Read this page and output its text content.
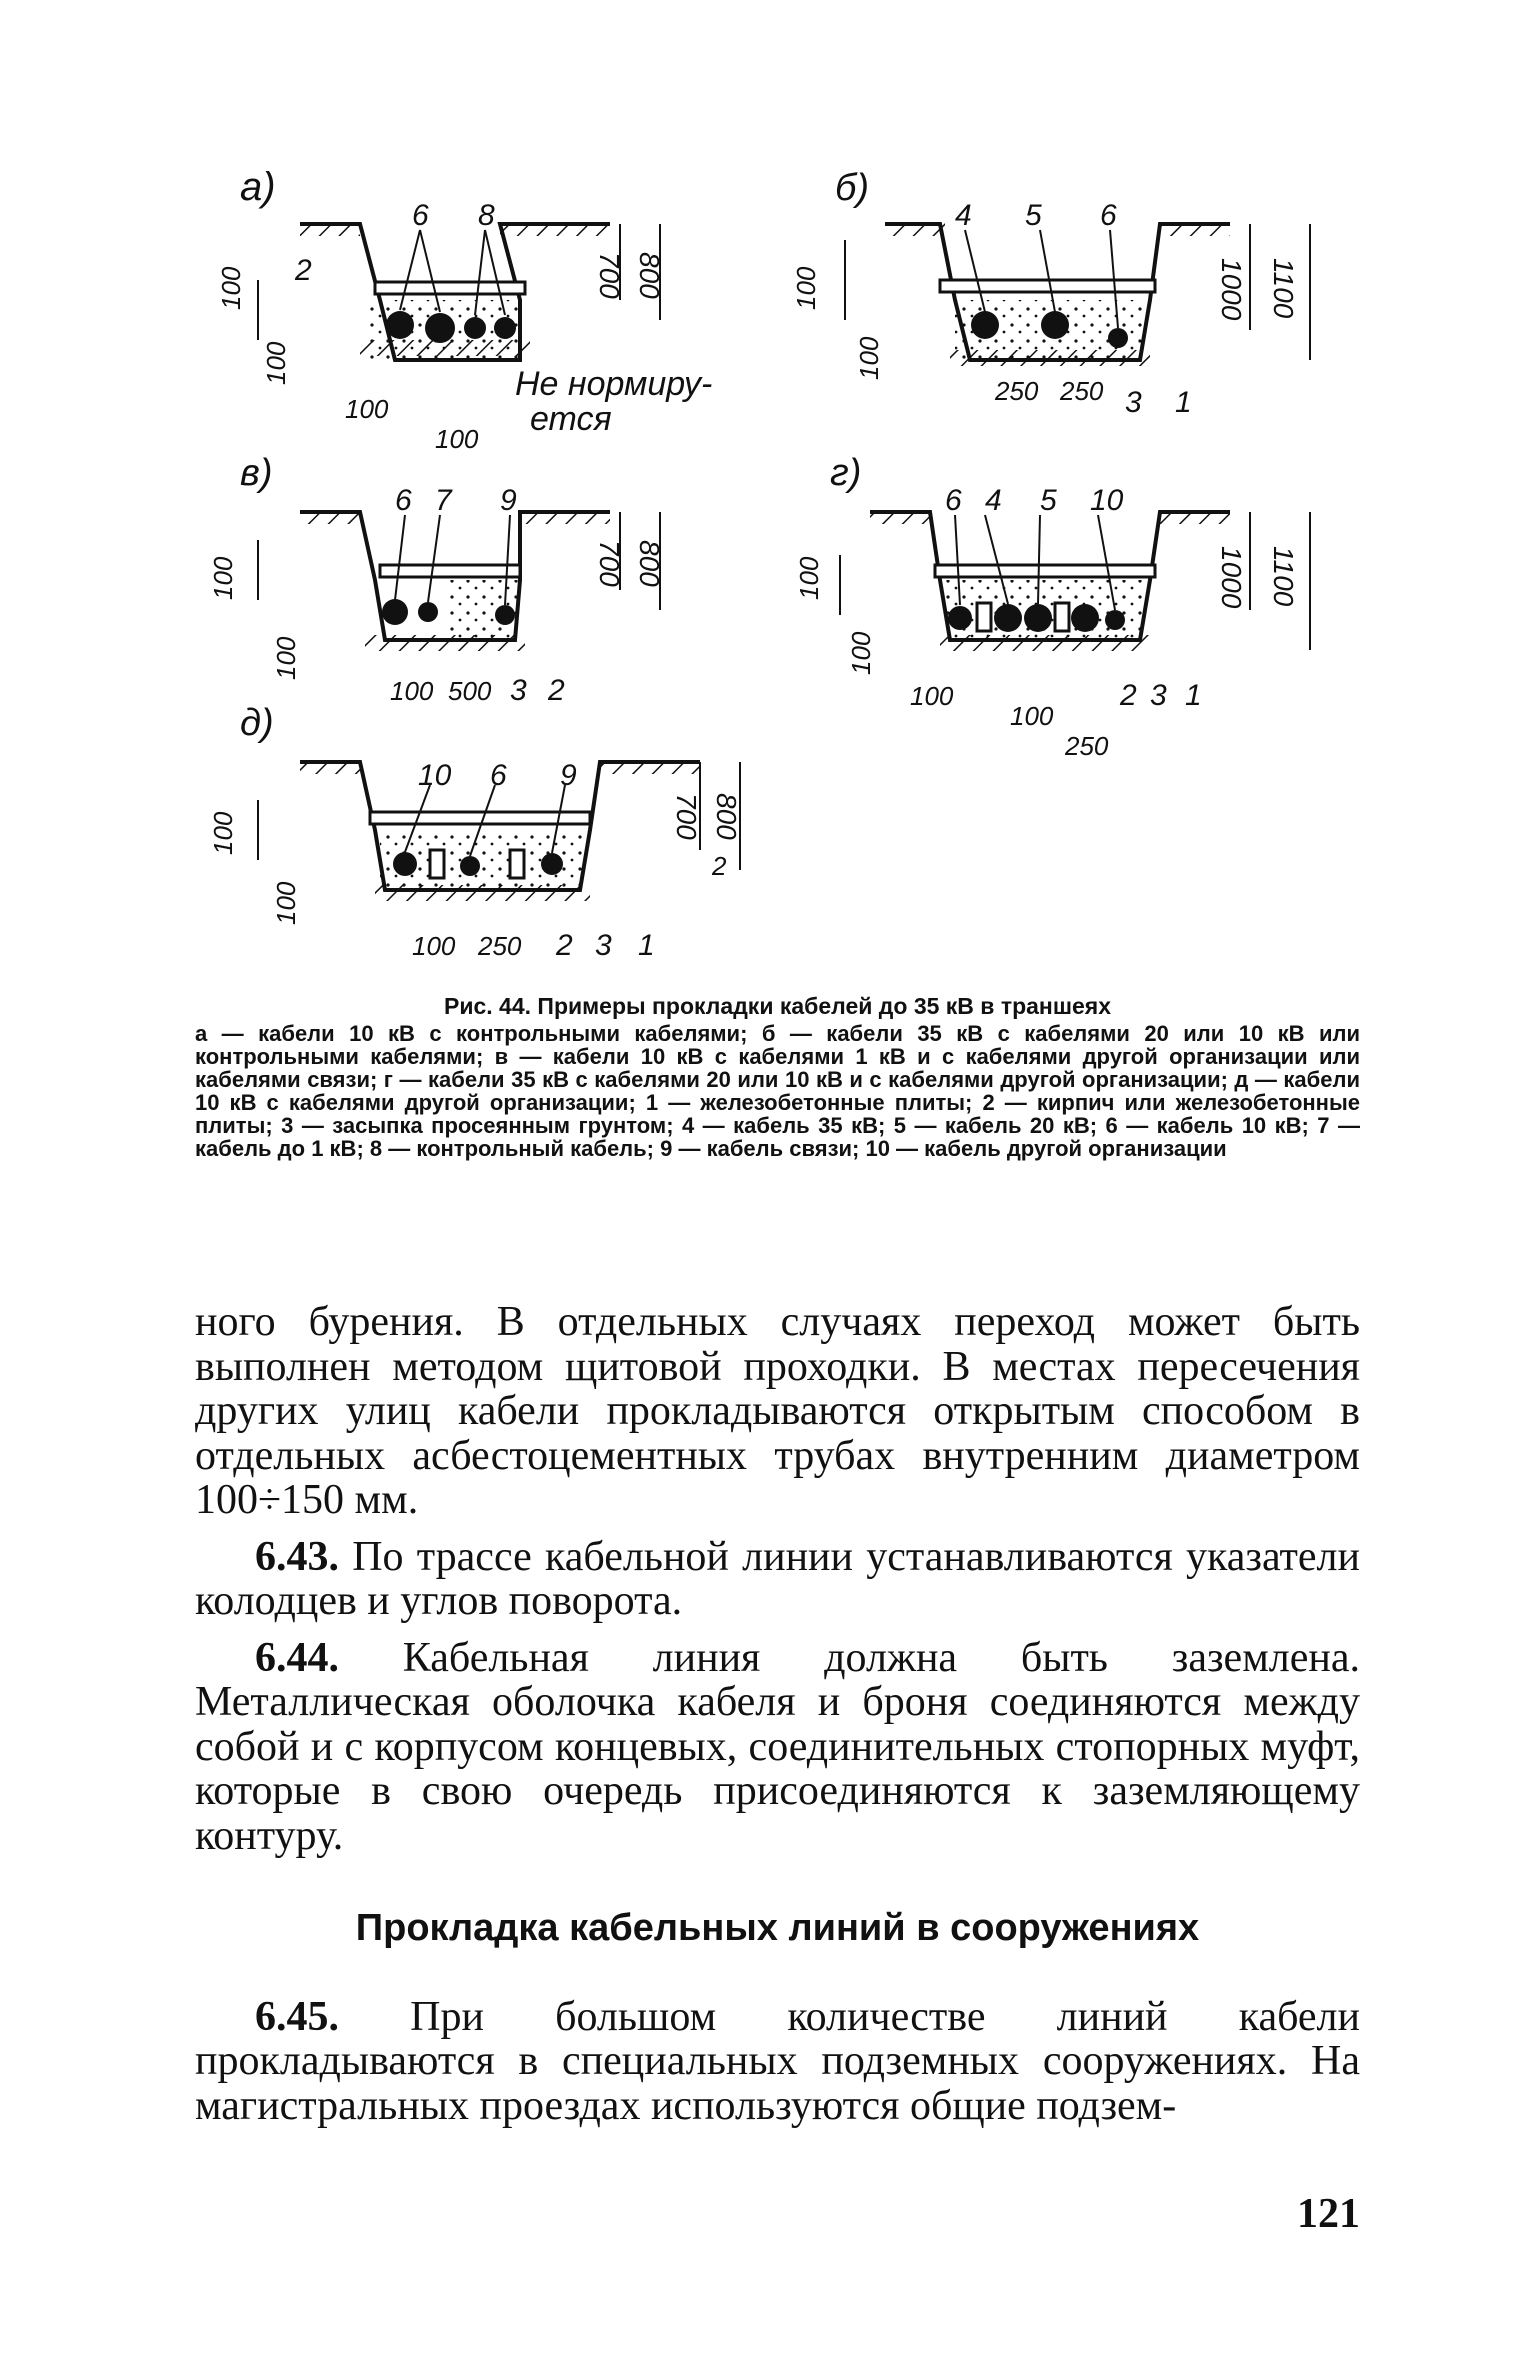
а)
6 8
2	700 800
100
100
100
100
Не нормиру-
ется
б)
4 5 6
3 1
1000 1100
100
100
250 250
в)
6 7 9
3 2
700 800
100
100
100 500
г)
6 4 5 10
2 3 1
1000 1100
100
100
100
100
250
д)
10 6 9
2 3 1
2
700 800
100
100
100 250
Рис. 44. Примеры прокладки кабелей до 35 кВ в траншеях
а — кабели 10 кВ с контрольными кабелями; б — кабели 35 кВ с кабелями 20 или 10 кВ или контрольными кабелями; в — кабели 10 кВ с кабелями 1 кВ и с кабелями другой организации или кабелями связи; г — кабели 35 кВ с кабелями 20 или 10 кВ и с кабелями другой организации; д — кабели 10 кВ с кабелями другой организации; 1 — железобетонные плиты; 2 — кирпич или железобетонные плиты; 3 — засыпка просеянным грунтом; 4 — кабель 35 кВ; 5 — кабель 20 кВ; 6 — кабель 10 кВ; 7 — кабель до 1 кВ; 8 — контрольный кабель; 9 — кабель связи; 10 — кабель другой организации

ного бурения. В отдельных случаях переход может быть выполнен методом щитовой проходки. В местах пересечения других улиц кабели прокладываются открытым способом в отдельных асбестоцементных трубах внутренним диаметром 100÷150 мм.

6.43. По трассе кабельной линии устанавливаются указатели колодцев и углов поворота.

6.44. Кабельная линия должна быть заземлена. Металлическая оболочка кабеля и броня соединяются между собой и с корпусом концевых, соединительных стопорных муфт, которые в свою очередь присоединяются к заземляющему контуру.

Прокладка кабельных линий в сооружениях

6.45. При большом количестве линий кабели прокладываются в специальных подземных сооружениях. На магистральных проездах используются общие подзем-

121
